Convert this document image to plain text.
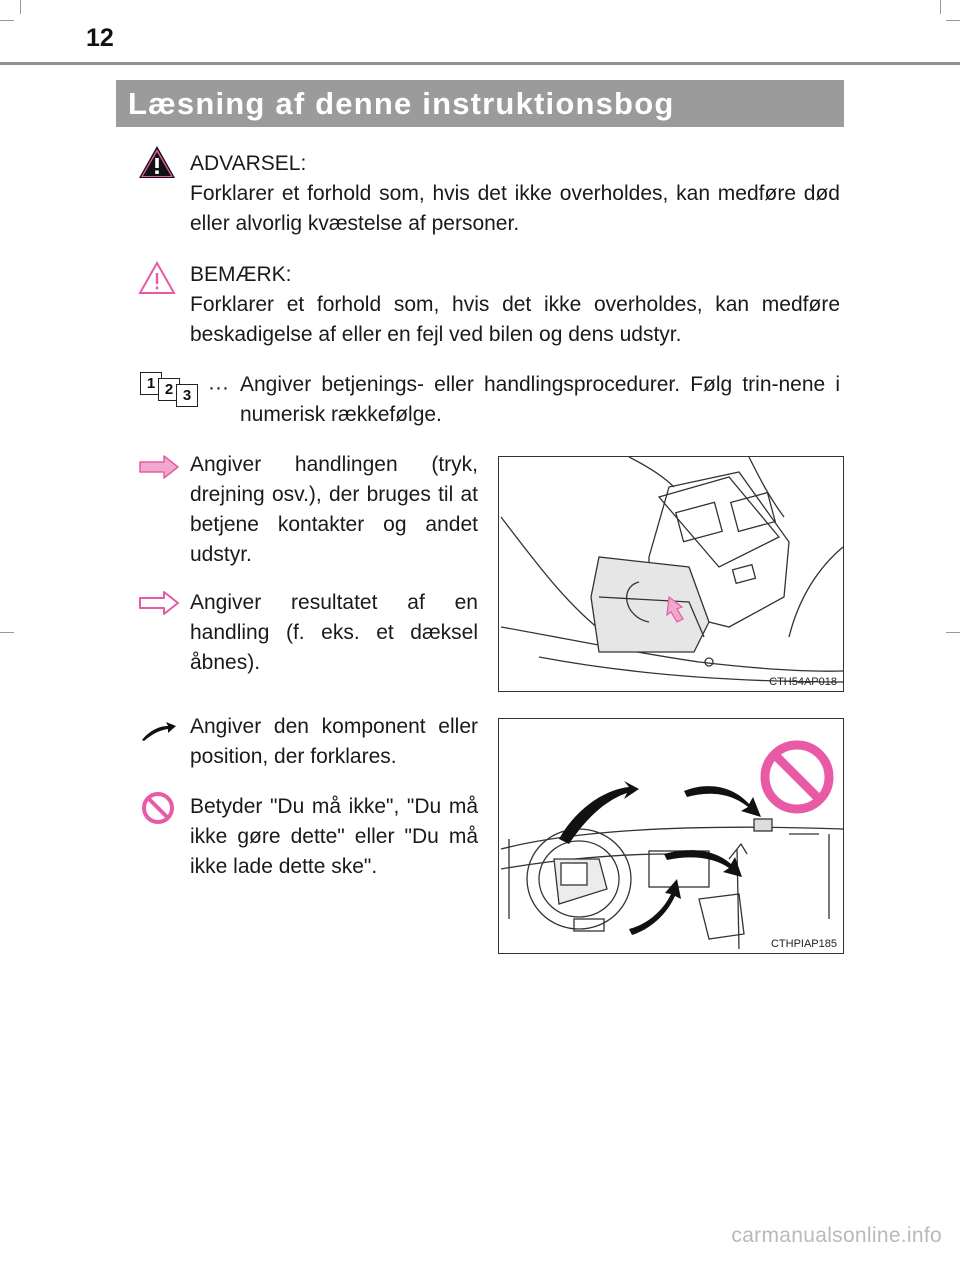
12
Læsning af denne instruktionsbog
ADVARSEL:
Forklarer et forhold som, hvis det ikke overholdes, kan medføre død eller alvorlig kvæstelse af personer.
BEMÆRK:
Forklarer et forhold som, hvis det ikke overholdes, kan medføre beskadigelse af eller en fejl ved bilen og dens udstyr.
1 2 3 ··· Angiver betjenings- eller handlingsprocedurer. Følg trin-nene i numerisk rækkefølge.
Angiver handlingen (tryk, drejning osv.), der bruges til at betjene kontakter og andet udstyr.
Angiver resultatet af en handling (f. eks. et dæksel åbnes).
CTH54AP018
Angiver den komponent eller position, der forklares.
Betyder "Du må ikke", "Du må ikke gøre dette" eller "Du må ikke lade dette ske".
CTHPIAP185
carmanualsonline.info
